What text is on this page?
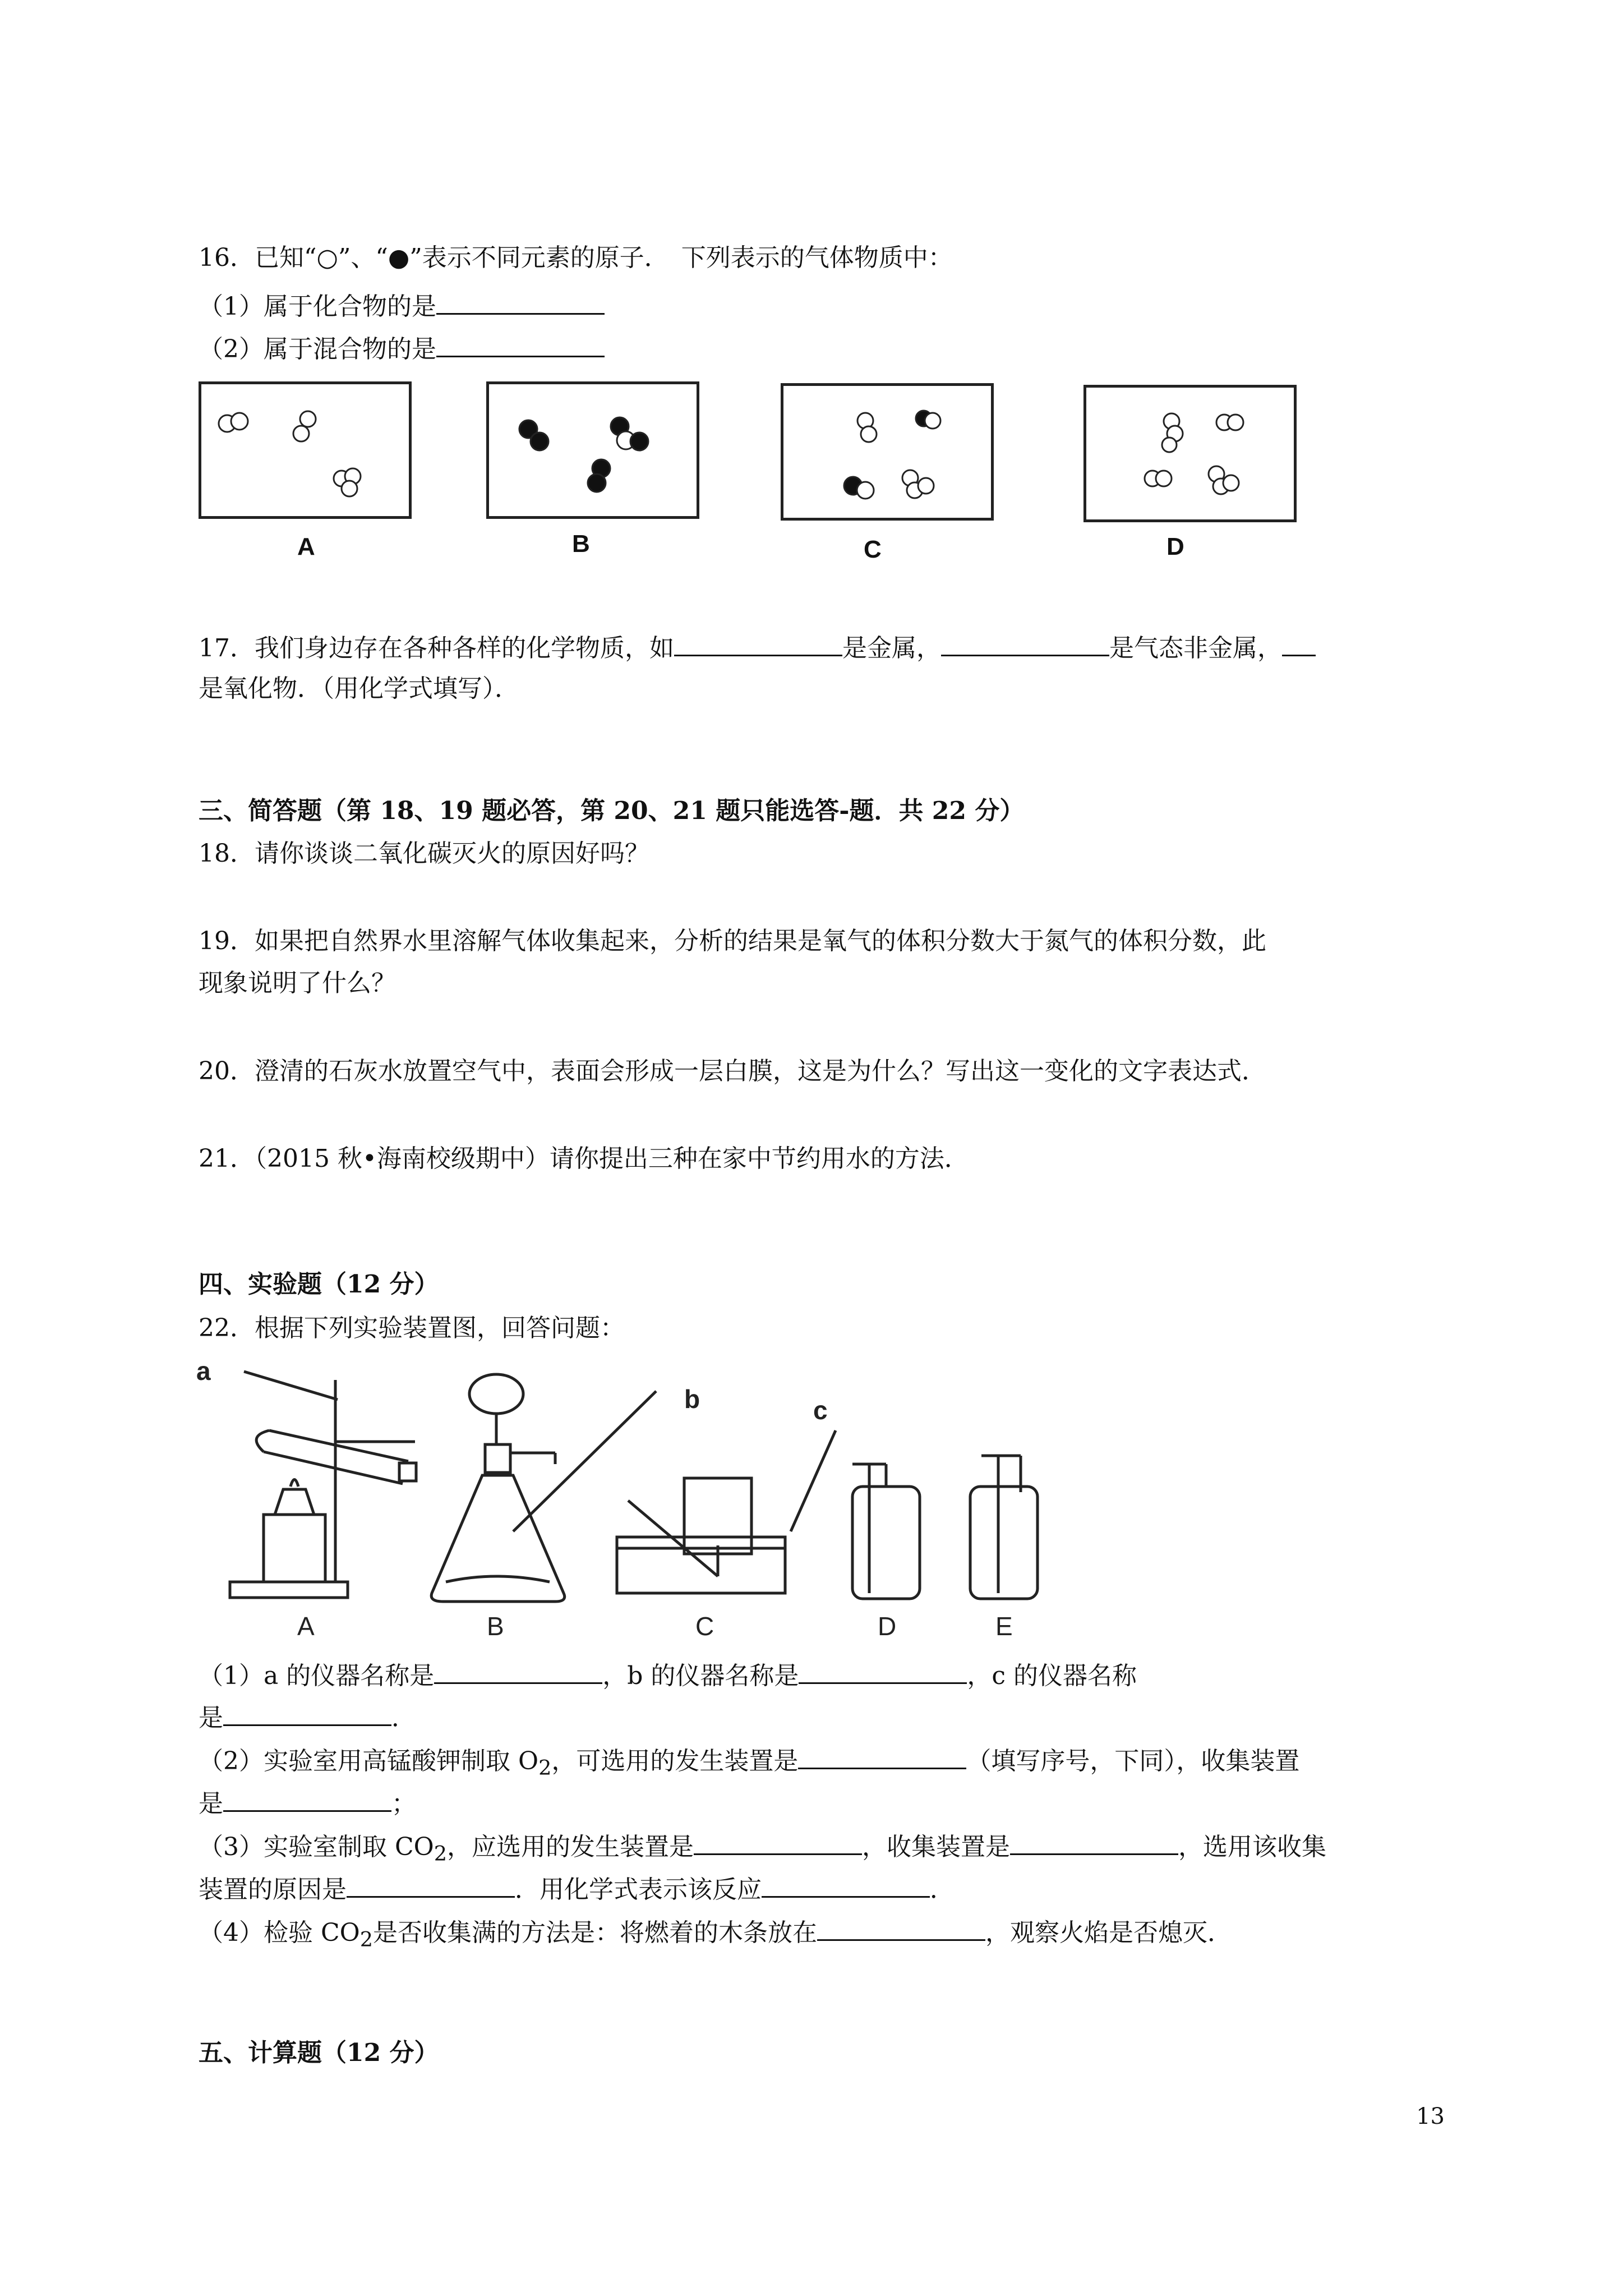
16．已知“○”、“●”表示不同元素的原子．　下列表示的气体物质中：
（1）属于化合物的是
（2）属于混合物的是
A	B	C	D
17．我们身边存在各种各样的化学物质，如	是金属，	是气态非金属，
是氧化物．（用化学式填写）．
三、简答题（第 18、19 题必答，第 20、21 题只能选答-题．共 22 分）
18．请你谈谈二氧化碳灭火的原因好吗？
19．如果把自然界水里溶解气体收集起来，分析的结果是氧气的体积分数大于氮气的体积分数，此
现象说明了什么？
20．澄清的石灰水放置空气中，表面会形成一层白膜，这是为什么？写出这一变化的文字表达式．
21．（2015 秋•海南校级期中）请你提出三种在家中节约用水的方法．
四、实验题（12 分）
22．根据下列实验装置图，回答问题：
a
b	c
A	B	C	D	E
（1）a 的仪器名称是	，b 的仪器名称是	，c 的仪器名称
是	．
（2）实验室用高锰酸钾制取 $O_2$，可选用的发生装置是	（填写序号，下同），收集装置
是	；
（3）实验室制取 $CO_2$，应选用的发生装置是	，收集装置是	，选用该收集
装置的原因是	．用化学式表示该反应	．
（4）检验 $CO_2$是否收集满的方法是：将燃着的木条放在	，观察火焰是否熄灭．
五、计算题（12 分）
13
